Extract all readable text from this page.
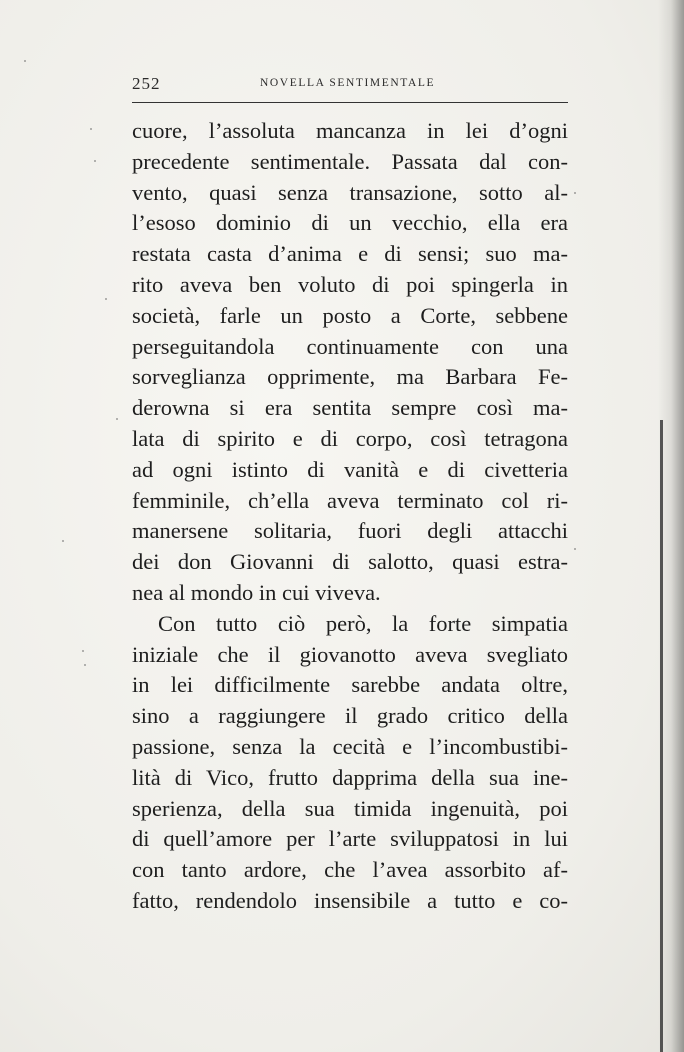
252	NOVELLA SENTIMENTALE
cuore, l’assoluta mancanza in lei d’ogni
precedente sentimentale. Passata dal con-
vento, quasi senza transazione, sotto al-
l’esoso dominio di un vecchio, ella era
restata casta d’anima e di sensi; suo ma-
rito aveva ben voluto di poi spingerla in
società, farle un posto a Corte, sebbene
perseguitandola continuamente con una
sorveglianza opprimente, ma Barbara Fe-
derowna si era sentita sempre così ma-
lata di spirito e di corpo, così tetragona
ad ogni istinto di vanità e di civetteria
femminile, ch’ella aveva terminato col ri-
manersene solitaria, fuori degli attacchi
dei don Giovanni di salotto, quasi estra-
nea al mondo in cui viveva.
Con tutto ciò però, la forte simpatia
iniziale che il giovanotto aveva svegliato
in lei difficilmente sarebbe andata oltre,
sino a raggiungere il grado critico della
passione, senza la cecità e l’incombustibi-
lità di Vico, frutto dapprima della sua ine-
sperienza, della sua timida ingenuità, poi
di quell’amore per l’arte sviluppatosi in lui
con tanto ardore, che l’avea assorbito af-
fatto, rendendolo insensibile a tutto e co-
